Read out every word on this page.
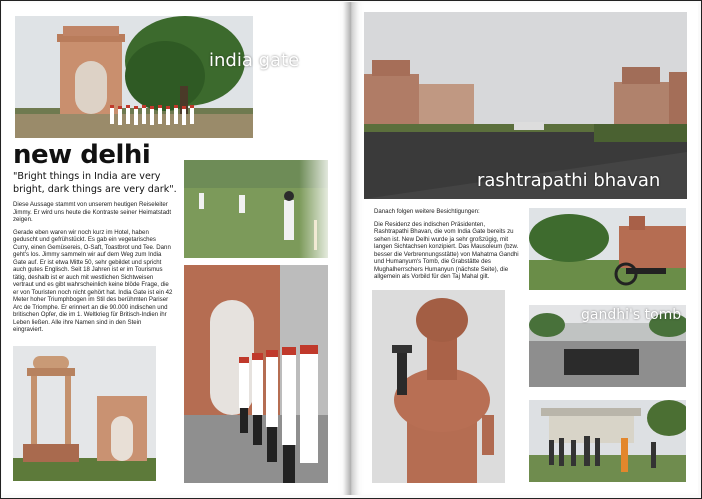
india gate
new delhi
"Bright things in India are very bright, dark things are very dark".

Diese Aussage stammt von unserem heutigen Reiseleiter Jimmy. Er wird uns heute die Kontraste seiner Heimatstadt zeigen.

Gerade eben waren wir noch kurz im Hotel, haben geduscht und gefrühstückt. Es gab ein vegetarisches Curry, einen Gemüsereis, O-Saft, Toastbrot und Tee. Dann geht's los. Jimmy sammeln wir auf dem Weg zum India Gate auf. Er ist etwa Mitte 50, sehr gebildet und spricht auch gutes Englisch. Seit 18 Jahren ist er im Tourismus tätig, deshalb ist er auch mit westlichen Sichtweisen vertraut und es gibt wahrscheinlich keine blöde Frage, die er von Touristen noch nicht gehört hat. India Gate ist ein 42 Meter hoher Triumphbogen im Stil des berühmten Pariser Arc de Triomphe. Er erinnert an die 90.000 indischen und britischen Opfer, die im 1. Weltkrieg für Britisch-Indien ihr Leben ließen. Alle ihre Namen sind in den Stein eingraviert.

rashtrapathi bhavan

Danach folgen weitere Besichtigungen:

Die Residenz des indischen Präsidenten, Rashtrapathi Bhavan, die vom India Gate bereits zu sehen ist. New Delhi wurde ja sehr großzügig, mit langen Sichtachsen konzipiert. Das Mausoleum (bzw. besser die Verbrennungsstätte) von Mahatma Gandhi und Humanyum's Tomb, die Grabstätte des Mughalherrschers Humanyun (nächste Seite), die allgemein als Vorbild für den Taj Mahal gilt.

gandhi's tomb
